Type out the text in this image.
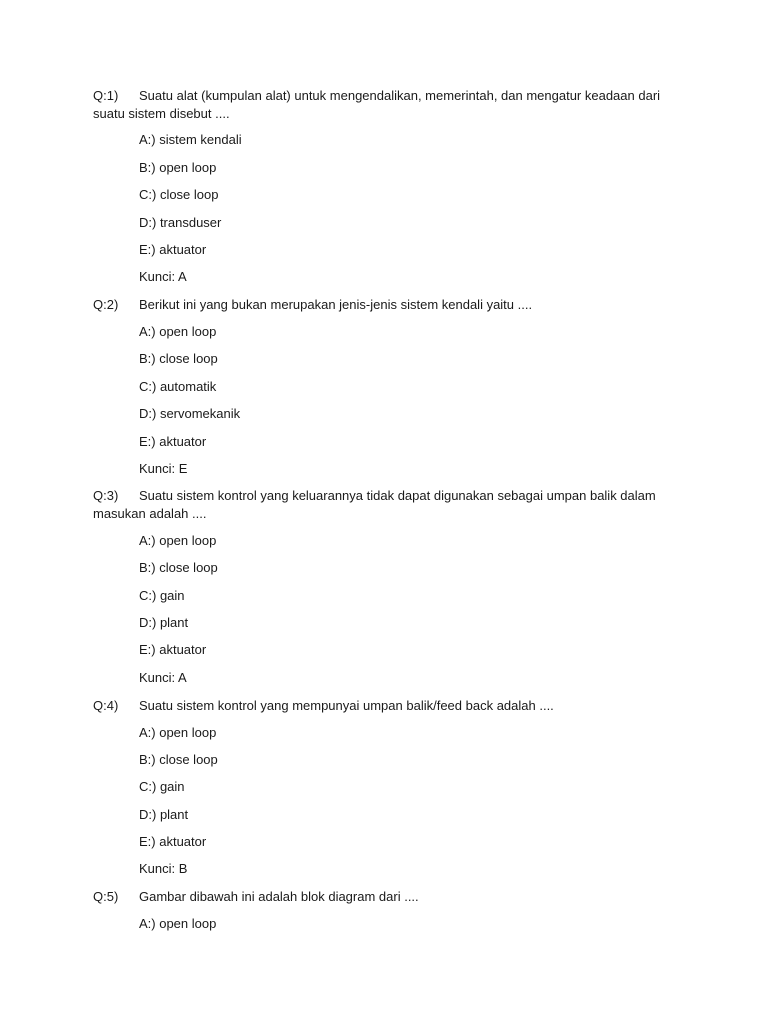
Q:1)	Suatu alat (kumpulan alat) untuk mengendalikan, memerintah, dan mengatur keadaan dari suatu sistem disebut ....
A:) sistem kendali
B:) open loop
C:) close loop
D:) transduser
E:) aktuator
Kunci: A
Q:2)	Berikut ini yang bukan merupakan jenis-jenis sistem kendali yaitu ....
A:) open loop
B:) close loop
C:) automatik
D:) servomekanik
E:) aktuator
Kunci: E
Q:3)	Suatu sistem kontrol yang keluarannya tidak dapat digunakan sebagai umpan balik dalam masukan adalah ....
A:) open loop
B:) close loop
C:) gain
D:) plant
E:) aktuator
Kunci: A
Q:4)	Suatu sistem kontrol yang mempunyai umpan balik/feed back adalah ....
A:) open loop
B:) close loop
C:) gain
D:) plant
E:) aktuator
Kunci: B
Q:5)	Gambar dibawah ini adalah blok diagram dari ....
A:) open loop
